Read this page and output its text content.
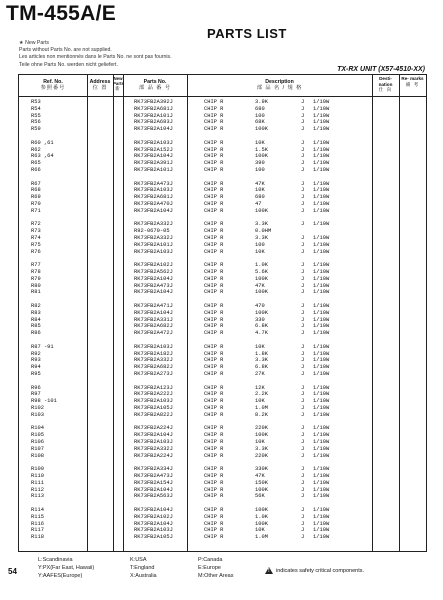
TM-455A/E
PARTS LIST
★ New Parts
Parts without Parts No. are not supplied.
Les articles non mentionnés dans le Parts No. ne sont pas fournis.
Teile ohne Parts No. werden nicht geliefert.
TX-RX UNIT (X57-4510-XX)
Ref. No.
参照番号
Address
位 置
New Parts
新
Parts No.
部 品 番 号
Description
部 品 名 / 規 格
Desti- nation
仕 向
Re- marks
備 考
R53	RK73FB2A392J	CHIP R	3.9K	J 1/10W
R54	RK73FB2A681J	CHIP R	680	J 1/10W
R55	RK73FB2A101J	CHIP R	100	J 1/10W
R56	RK73FB2A683J	CHIP R	68K	J 1/10W
R59	RK73FB2A104J	CHIP R	100K	J 1/10W
R60 ,61	RK73FB2A103J	CHIP R	10K	J 1/10W
R62	RK73FB2A152J	CHIP R	1.5K	J 1/10W
R63 ,64	RK73FB2A104J	CHIP R	100K	J 1/10W
R65	RK73FB2A391J	CHIP R	390	J 1/10W
R66	RK73FB2A101J	CHIP R	100	J 1/10W
R67	RK73FB2A473J	CHIP R	47K	J 1/10W
R68	RK73FB2A103J	CHIP R	10K	J 1/10W
R69	RK73FB2A681J	CHIP R	680	J 1/10W
R70	RK73FB2A470J	CHIP R	47	J 1/10W
R71	RK73FB2A104J	CHIP R	100K	J 1/10W
R72	RK73FB2A332J	CHIP R	3.3K	J 1/10W
R73	R92-0670-05	CHIP R	0.0HM
R74	RK73FB2A332J	CHIP R	3.3K	J 1/10W
R75	RK73FB2A101J	CHIP R	100	J 1/10W
R76	RK73FB2A103J	CHIP R	10K	J 1/10W
R77	RK73FB2A102J	CHIP R	1.0K	J 1/10W
R78	RK73FB2A562J	CHIP R	5.6K	J 1/10W
R79	RK73FB2A104J	CHIP R	100K	J 1/10W
R80	RK73FB2A473J	CHIP R	47K	J 1/10W
R81	RK73FB2A104J	CHIP R	100K	J 1/10W
R82	RK73FB2A471J	CHIP R	470	J 1/10W
R83	RK73FB2A104J	CHIP R	100K	J 1/10W
R84	RK73FB2A331J	CHIP R	330	J 1/10W
R85	RK73FB2A682J	CHIP R	6.8K	J 1/10W
R86	RK73FB2A472J	CHIP R	4.7K	J 1/10W
R87 -91	RK73FB2A103J	CHIP R	10K	J 1/10W
R92	RK73FB2A182J	CHIP R	1.8K	J 1/10W
R93	RK73FB2A332J	CHIP R	3.3K	J 1/10W
R94	RK73FB2A682J	CHIP R	6.8K	J 1/10W
R95	RK73FB2A273J	CHIP R	27K	J 1/10W
R96	RK73FB2A123J	CHIP R	12K	J 1/10W
R97	RK73FB2A222J	CHIP R	2.2K	J 1/10W
R98 -101	RK73FB2A103J	CHIP R	10K	J 1/10W
R102	RK73FB2A105J	CHIP R	1.0M	J 1/10W
R103	RK73FB2A822J	CHIP R	8.2K	J 1/10W
R104	RK73FB2A224J	CHIP R	220K	J 1/10W
R105	RK73FB2A104J	CHIP R	100K	J 1/10W
R106	RK73FB2A103J	CHIP R	10K	J 1/10W
R107	RK73FB2A332J	CHIP R	3.3K	J 1/10W
R108	RK73FB2A224J	CHIP R	220K	J 1/10W
R109	RK73FB2A334J	CHIP R	330K	J 1/10W
R110	RK73FB2A473J	CHIP R	47K	J 1/10W
R111	RK73FB2A154J	CHIP R	150K	J 1/10W
R112	RK73FB2A104J	CHIP R	100K	J 1/10W
R113	RK73FB2A563J	CHIP R	56K	J 1/10W
R114	RK73FB2A104J	CHIP R	100K	J 1/10W
R115	RK73FB2A102J	CHIP R	1.0K	J 1/10W
R116	RK73FB2A104J	CHIP R	100K	J 1/10W
R117	RK73FB2A103J	CHIP R	10K	J 1/10W
R118	RK73FB2A105J	CHIP R	1.0M	J 1/10W
L:Scandinavia	K:USA	P:Canada
Y:PX(Far East, Hawaii)	T:England	E:Europe
Y:AAFES(Europe)	X:Australia	M:Other Areas
54
!	indicates safety critical components.
